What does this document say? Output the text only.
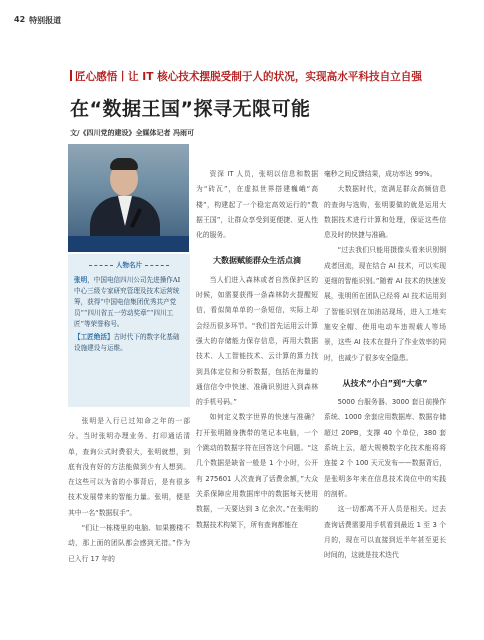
42 特别报道
匠心感悟丨让 IT 核心技术摆脱受制于人的状况，实现高水平科技自立自强
在“数据王国”探寻无限可能
文/《四川党的建设》全媒体记者 冯雨可
人物名片

张明，中国电信四川公司先进操作AI中心三级专家研究管理及技术运营统筹，获得“中国电信集团优秀共产党员”“四川省五一劳动奖章”“四川工匠”等荣誉称号。

【工匠绝活】古时代下的数字化基础设施建设与运维。

张明是入行已过知命之年的一部分。当时张明办理业务、打印通话清单，查询公式时费很大，张明就想，到底有没有好的方法能做到少有人想到。在这些可以为省的小事背后，是有很多技术发展带来的智能力量。张明，便是其中一名“数据驭手”。

“们让一栋楼里的电脑、如果搬楼不动，那上面的团队都会感到无措。”作为已入行 17 年的

资深 IT 人员，张明以信息和数据为“砖瓦”，在虚拟世界搭建巍峨“高楼”，构建起了一个稳定高效运行的“数据王国”，让群众享受到更便捷、更人性化的服务。

大数据赋能群众生活点滴

当人们进入森林或者自然保护区的时候，如需要获得一条森林防火提醒短信，看似简单单的一条短信，实际上却会经历很多环节。“我们首先运用云计算强大的存储能力保存信息，再用大数据技术、人工智能技术、云计算的算力找到具体定位和分析数据，包括在海量的通信信令中快速、准确识别进入到森林的手机号码。”

如何定义数字世界的快速与准确？打开张明随身携带的笔记本电脑，一个个跳动的数据字符在回答这个问题。“这几个数据是缺省一般是 1 个小时，公开有 275601 人次查询了话费余额，”大众关系保障应用数据库中的数据每天使用数据，一天要达到 3 亿余次。”在张明的数据技术构架下，所有查询都能在

毫秒之间反馈结果，成功率达 99%。

大数据时代，宽满足群众高频信息的查询与选购，张明要做的就是运用大数据技术进行计算和处理，保证这些信息及时的快捷与准确。

“过去我们只能用摄像头看来识别钢成者回流，现在结合 AI 技术，可以实现更细的智能识别。”随着 AI 技术的快速发展，张明所在团队已经将 AI 技术运用到了智能识别在加油站现场，进入工地实施安全帽、使用电动车违规载人等场景，这些 AI 技术在提升了作业效率的同时，也减少了很多安全隐患。

从技术“小白”到“大拿”

5000 台服务器、3000 套日前操作系统、1000 余套应用数据库、数据存储超过 20PB，支撑 40 个单位，380 套系统上云，超大规模数字化技术能将将连接 2 个 100 天元发布——数据背后，是张明多年来在信息技术岗位中的实践的剖析。

这一切都离不开人员是相关。过去查询话费需要用手机看到最近 1 至 3 个月的，现在可以直接到近半年甚至更长时间的，这就是技术迭代
